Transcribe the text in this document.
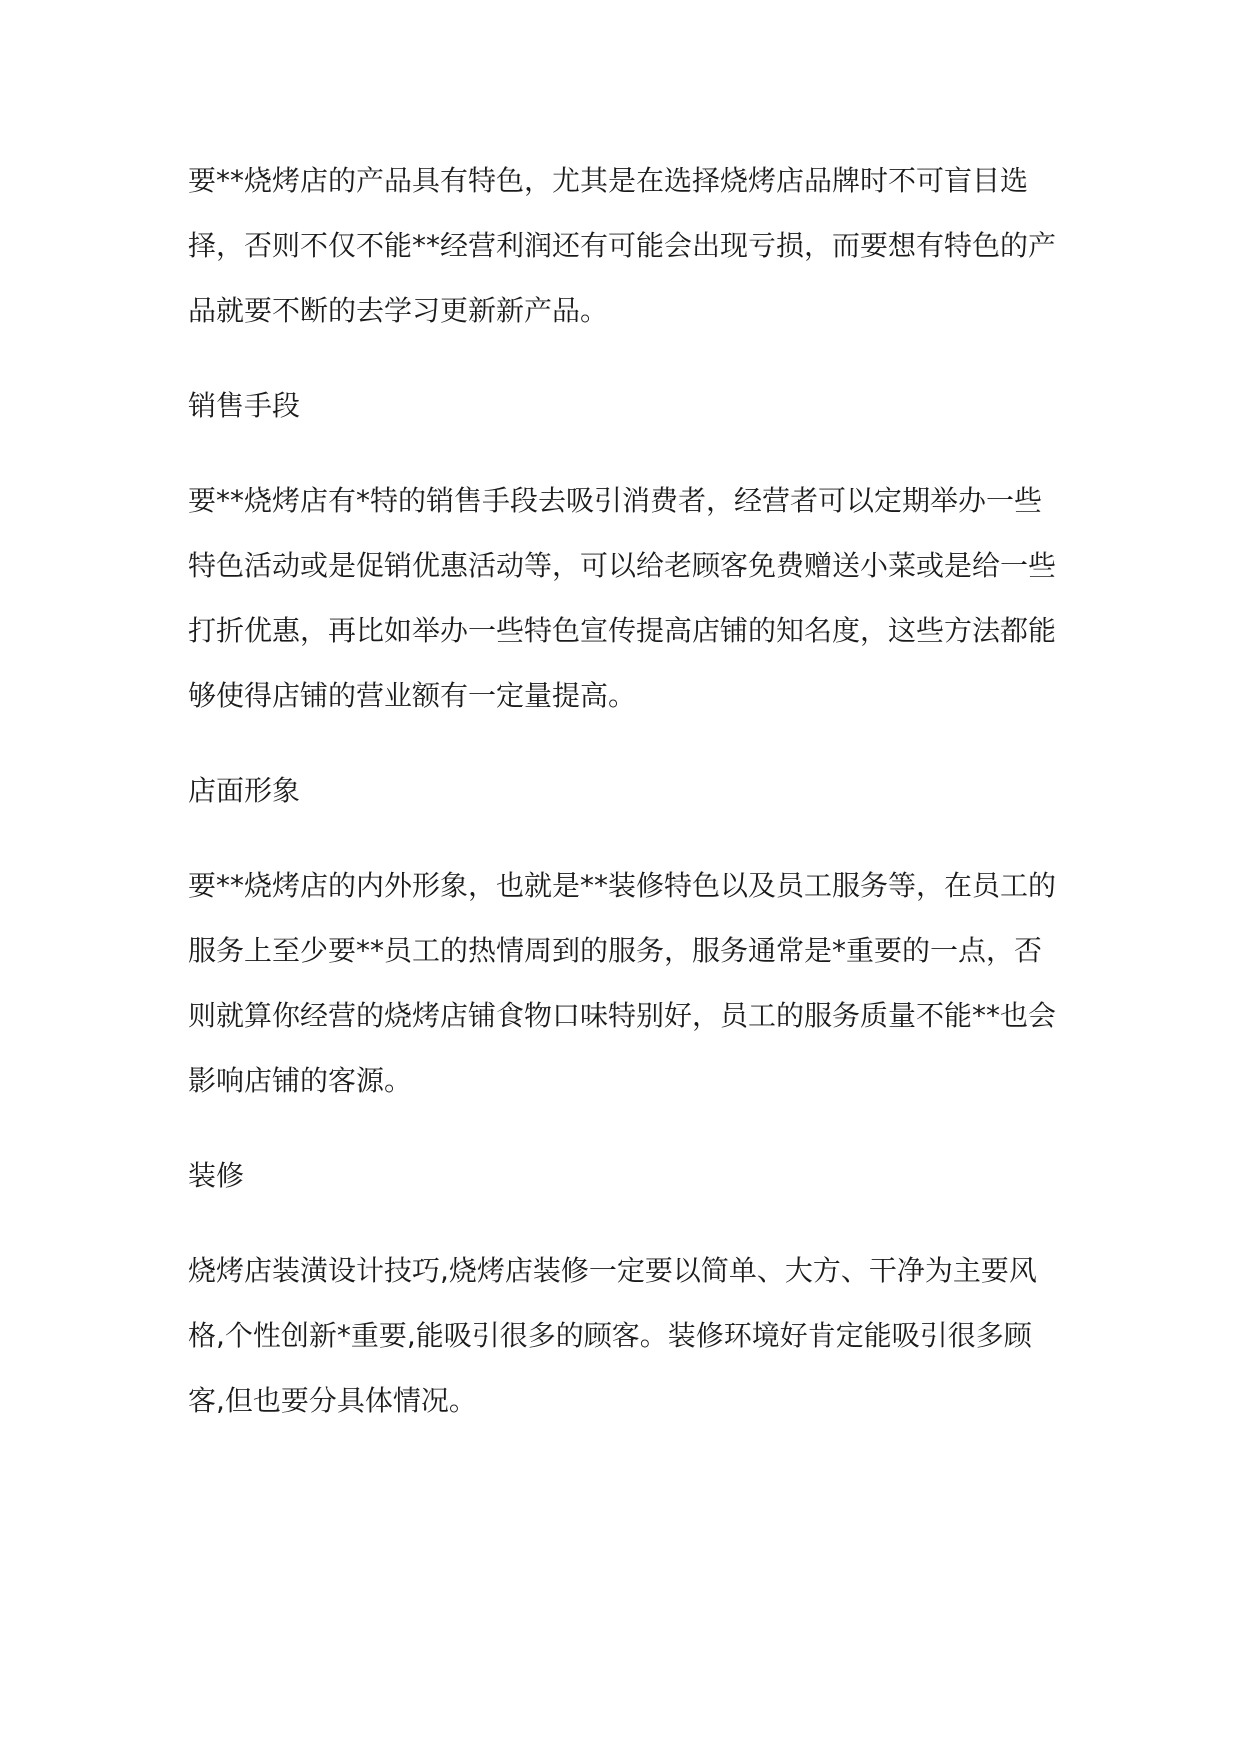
要**烧烤店的产品具有特色，尤其是在选择烧烤店品牌时不可盲目选择，否则不仅不能**经营利润还有可能会出现亏损，而要想有特色的产品就要不断的去学习更新新产品。

销售手段

要**烧烤店有*特的销售手段去吸引消费者，经营者可以定期举办一些特色活动或是促销优惠活动等，可以给老顾客免费赠送小菜或是给一些打折优惠，再比如举办一些特色宣传提高店铺的知名度，这些方法都能够使得店铺的营业额有一定量提高。

店面形象

要**烧烤店的内外形象，也就是**装修特色以及员工服务等，在员工的服务上至少要**员工的热情周到的服务，服务通常是*重要的一点，否则就算你经营的烧烤店铺食物口味特别好，员工的服务质量不能**也会影响店铺的客源。

装修

烧烤店装潢设计技巧,烧烤店装修一定要以简单、大方、干净为主要风格,个性创新*重要,能吸引很多的顾客。装修环境好肯定能吸引很多顾客,但也要分具体情况。
